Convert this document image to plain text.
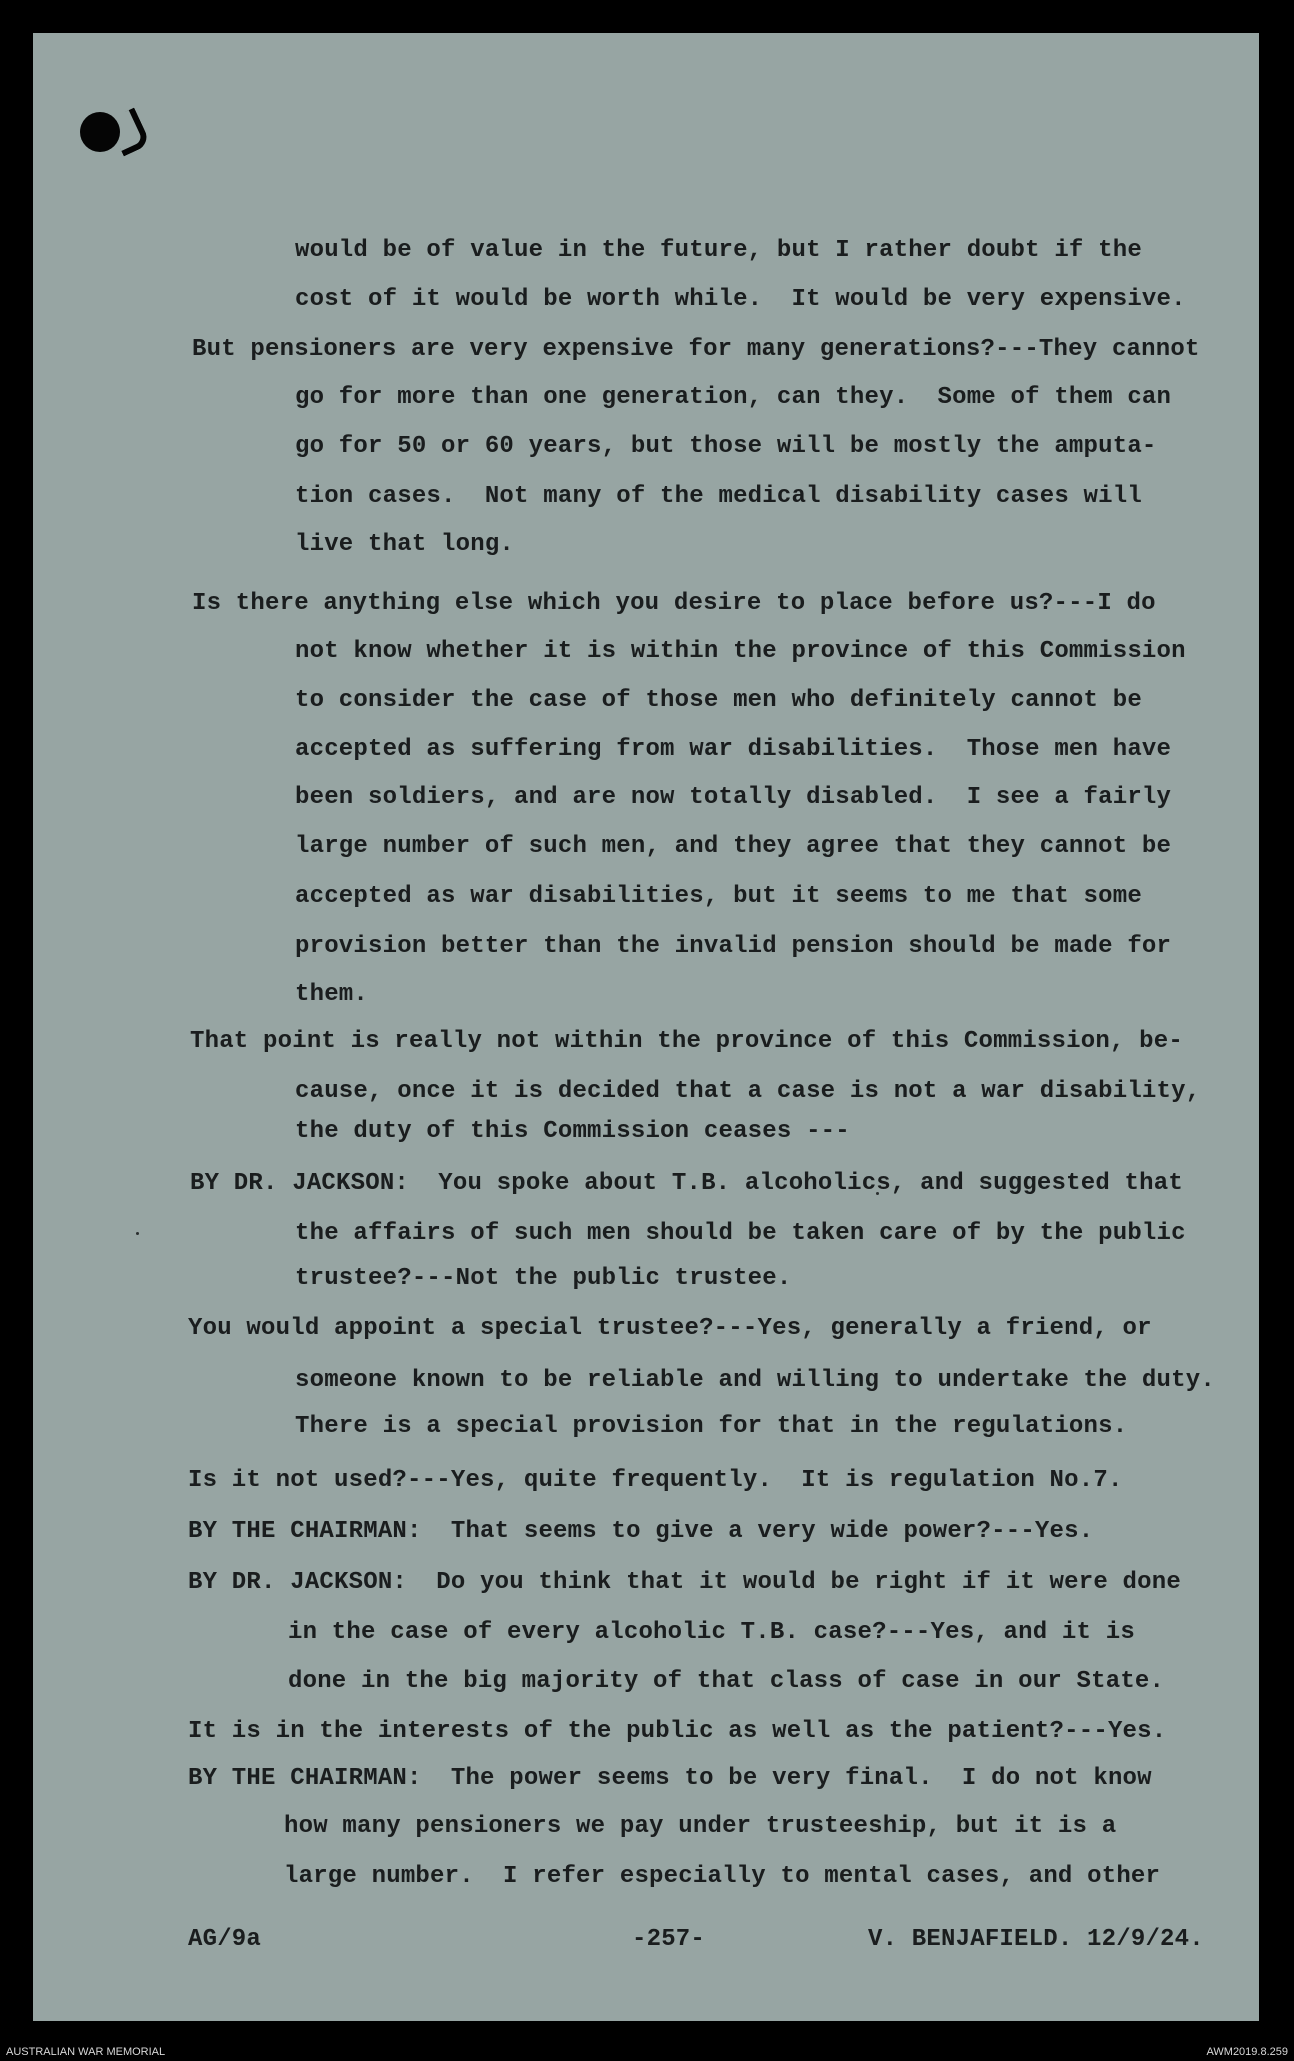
would be of value in the future, but I rather doubt if the
cost of it would be worth while.  It would be very expensive.
But pensioners are very expensive for many generations?---They cannot
go for more than one generation, can they.  Some of them can
go for 50 or 60 years, but those will be mostly the amputa-
tion cases.  Not many of the medical disability cases will
live that long.
Is there anything else which you desire to place before us?---I do
not know whether it is within the province of this Commission
to consider the case of those men who definitely cannot be
accepted as suffering from war disabilities.  Those men have
been soldiers, and are now totally disabled.  I see a fairly
large number of such men, and they agree that they cannot be
accepted as war disabilities, but it seems to me that some
provision better than the invalid pension should be made for
them.
That point is really not within the province of this Commission, be-
cause, once it is decided that a case is not a war disability,
the duty of this Commission ceases ---
BY DR. JACKSON:  You spoke about T.B. alcoholics, and suggested that
the affairs of such men should be taken care of by the public
trustee?---Not the public trustee.
You would appoint a special trustee?---Yes, generally a friend, or
someone known to be reliable and willing to undertake the duty.
There is a special provision for that in the regulations.
Is it not used?---Yes, quite frequently.  It is regulation No.7.
BY THE CHAIRMAN:  That seems to give a very wide power?---Yes.
BY DR. JACKSON:  Do you think that it would be right if it were done
in the case of every alcoholic T.B. case?---Yes, and it is
done in the big majority of that class of case in our State.
It is in the interests of the public as well as the patient?---Yes.
BY THE CHAIRMAN:  The power seems to be very final.  I do not know
how many pensioners we pay under trusteeship, but it is a
large number.  I refer especially to mental cases, and other
AG/9a	-257-	V. BENJAFIELD. 12/9/24.
AUSTRALIAN WAR MEMORIAL	AWM2019.8.259
